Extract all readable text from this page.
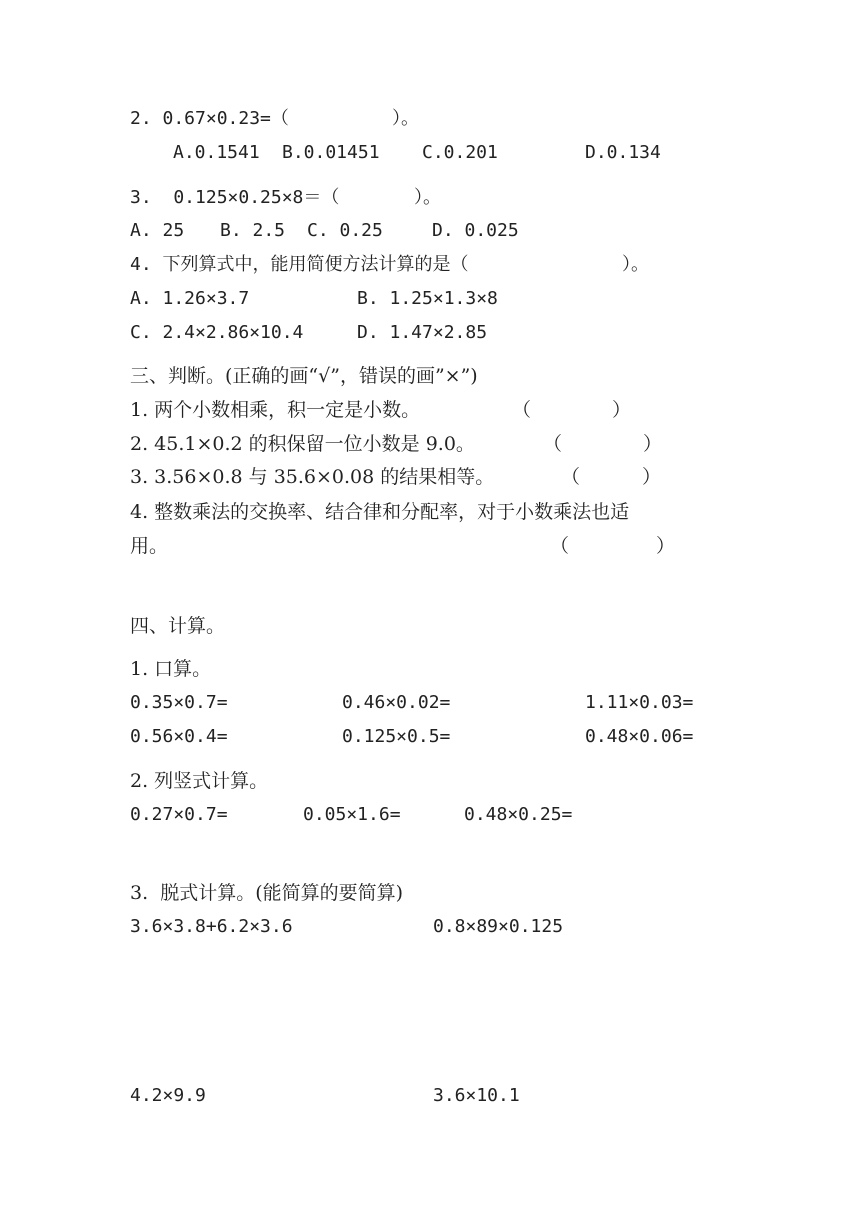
2. 0.67×0.23=（	）。
A.0.1541 B.0.01451 C.0.201	D.0.134
3.  0.125×0.25×8＝（	）。
A. 25 B. 2.5 C. 0.25	D. 0.025
4. 下列算式中，能用简便方法计算的是（	）。
A. 1.26×3.7	B. 1.25×1.3×8
C. 2.4×2.86×10.4	D. 1.47×2.85
三、判断。(正确的画“√”，错误的画”×”)
1. 两个小数相乘，积一定是小数。	（	）
2. 45.1×0.2 的积保留一位小数是 9.0。	（	）
3. 3.56×0.8 与 35.6×0.08 的结果相等。	（	）
4. 整数乘法的交换率、结合律和分配率，对于小数乘法也适
用。	（	）
四、计算。
1. 口算。
0.35×0.7=	0.46×0.02=	1.11×0.03=
0.56×0.4=	0.125×0.5=	0.48×0.06=
2. 列竖式计算。
0.27×0.7=	0.05×1.6=	0.48×0.25=
3.  脱式计算。(能简算的要简算)
3.6×3.8+6.2×3.6	0.8×89×0.125
4.2×9.9	3.6×10.1
